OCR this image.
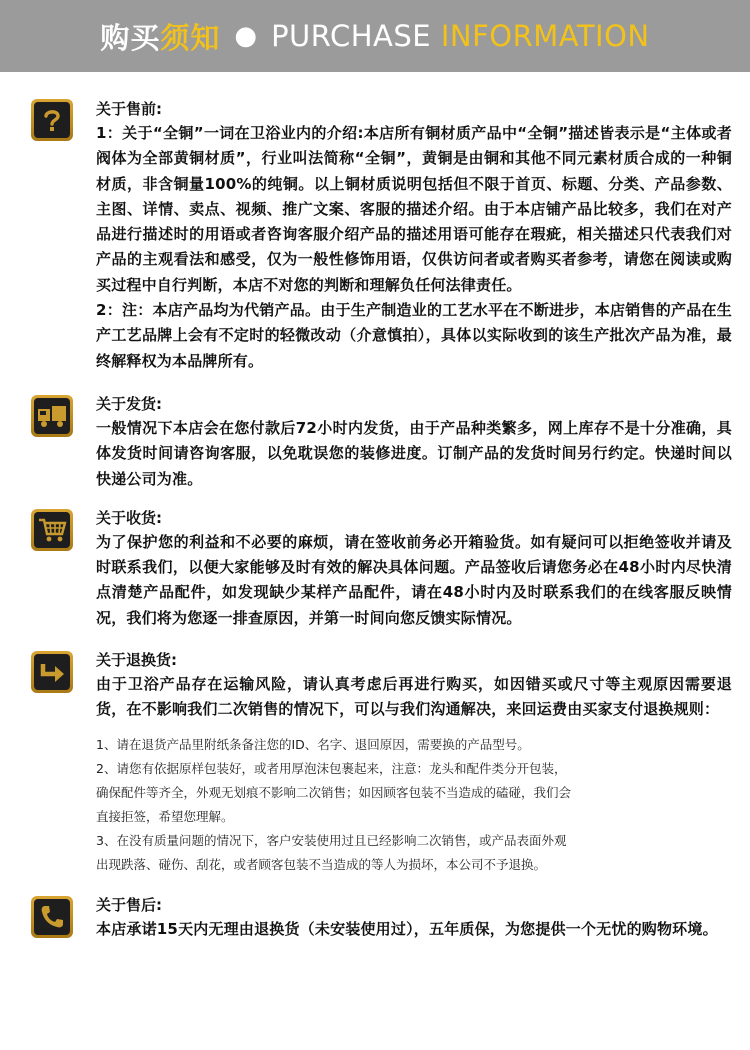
购买须知 ● PURCHASE INFORMATION
关于售前:
1：关于“全铜”一词在卫浴业内的介绍:本店所有铜材质产品中“全铜”描述皆表示是“主体或者阀体为全部黄铜材质”，行业叫法简称“全铜”，黄铜是由铜和其他不同元素材质合成的一种铜材质，非含铜量100%的纯铜。以上铜材质说明包括但不限于首页、标题、分类、产品参数、主图、详情、卖点、视频、推广文案、客服的描述介绍。由于本店铺产品比较多，我们在对产品进行描述时的用语或者咨询客服介绍产品的描述用语可能存在瑕疵，相关描述只代表我们对产品的主观看法和感受，仅为一般性修饰用语，仅供访问者或者购买者参考，请您在阅读或购买过程中自行判断，本店不对您的判断和理解负任何法律责任。
2：注：本店产品均为代销产品。由于生产制造业的工艺水平在不断进步，本店销售的产品在生产工艺品牌上会有不定时的轻微改动（介意慎拍），具体以实际收到的该生产批次产品为准，最终解释权为本品牌所有。
关于发货:
一般情况下本店会在您付款后72小时内发货，由于产品种类繁多，网上库存不是十分准确，具体发货时间请咨询客服，以免耽误您的装修进度。订制产品的发货时间另行约定。快递时间以快递公司为准。
关于收货:
为了保护您的利益和不必要的麻烦，请在签收前务必开箱验货。如有疑问可以拒绝签收并请及时联系我们，以便大家能够及时有效的解决具体问题。产品签收后请您务必在48小时内尽快清点清楚产品配件，如发现缺少某样产品配件，请在48小时内及时联系我们的在线客服反映情况，我们将为您逐一排查原因，并第一时间向您反馈实际情况。
关于退换货:
由于卫浴产品存在运输风险，请认真考虑后再进行购买，如因错买或尺寸等主观原因需要退货，在不影响我们二次销售的情况下，可以与我们沟通解决，来回运费由买家支付退换规则：
1、请在退货产品里附纸条备注您的ID、名字、退回原因，需要换的产品型号。
2、请您有依据原样包装好，或者用厚泡沫包裹起来，注意：龙头和配件类分开包装，
确保配件等齐全，外观无划痕不影响二次销售；如因顾客包装不当造成的磕碰，我们会
直接拒签，希望您理解。
3、在没有质量问题的情况下，客户安装使用过且已经影响二次销售，或产品表面外观
出现跌落、碰伤、刮花，或者顾客包装不当造成的等人为损坏，本公司不予退换。
关于售后:
本店承诺15天内无理由退换货（未安装使用过），五年质保，为您提供一个无忧的购物环境。
